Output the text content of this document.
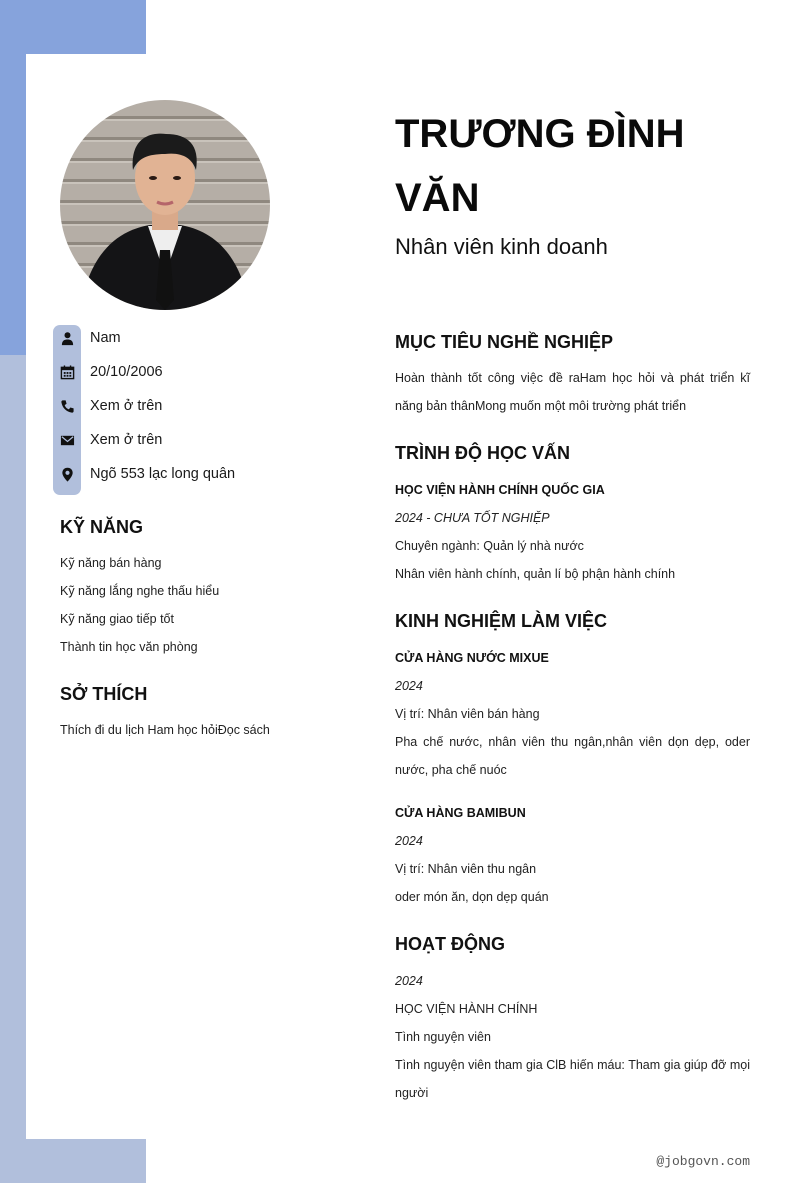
Nam
20/10/2006
Xem ở trên
Xem ở trên
Ngõ 553 lạc long quân
KỸ NĂNG
Kỹ năng bán hàng
Kỹ năng lắng nghe thấu hiểu
Kỹ năng giao tiếp tốt
Thành tin học văn phòng
SỞ THÍCH
Thích đi du lịch Ham học hỏiĐọc sách
TRƯƠNG ĐÌNH VĂN
Nhân viên kinh doanh
MỤC TIÊU NGHỀ NGHIỆP
Hoàn thành tốt công việc đề raHam học hỏi và phát triển kĩ năng bản thânMong muốn một môi trường phát triển
TRÌNH ĐỘ HỌC VẤN
HỌC VIỆN HÀNH CHÍNH QUỐC GIA
2024 - CHƯA TỐT NGHIỆP
Chuyên ngành: Quản lý nhà nước
Nhân viên hành chính, quản lí bộ phận hành chính
KINH NGHIỆM LÀM VIỆC
CỬA HÀNG NƯỚC MIXUE
2024
Vị trí: Nhân viên bán hàng
Pha chế nước, nhân viên thu ngân,nhân viên dọn dẹp, oder nước, pha chế nuóc
CỬA HÀNG BAMIBUN
2024
Vị trí: Nhân viên thu ngân
oder món ăn, dọn dẹp quán
HOẠT ĐỘNG
2024
HỌC VIỆN HÀNH CHÍNH
Tình nguyện viên
Tình nguyện viên tham gia ClB hiến máu: Tham gia giúp đỡ mọi người
@jobgovn.com
